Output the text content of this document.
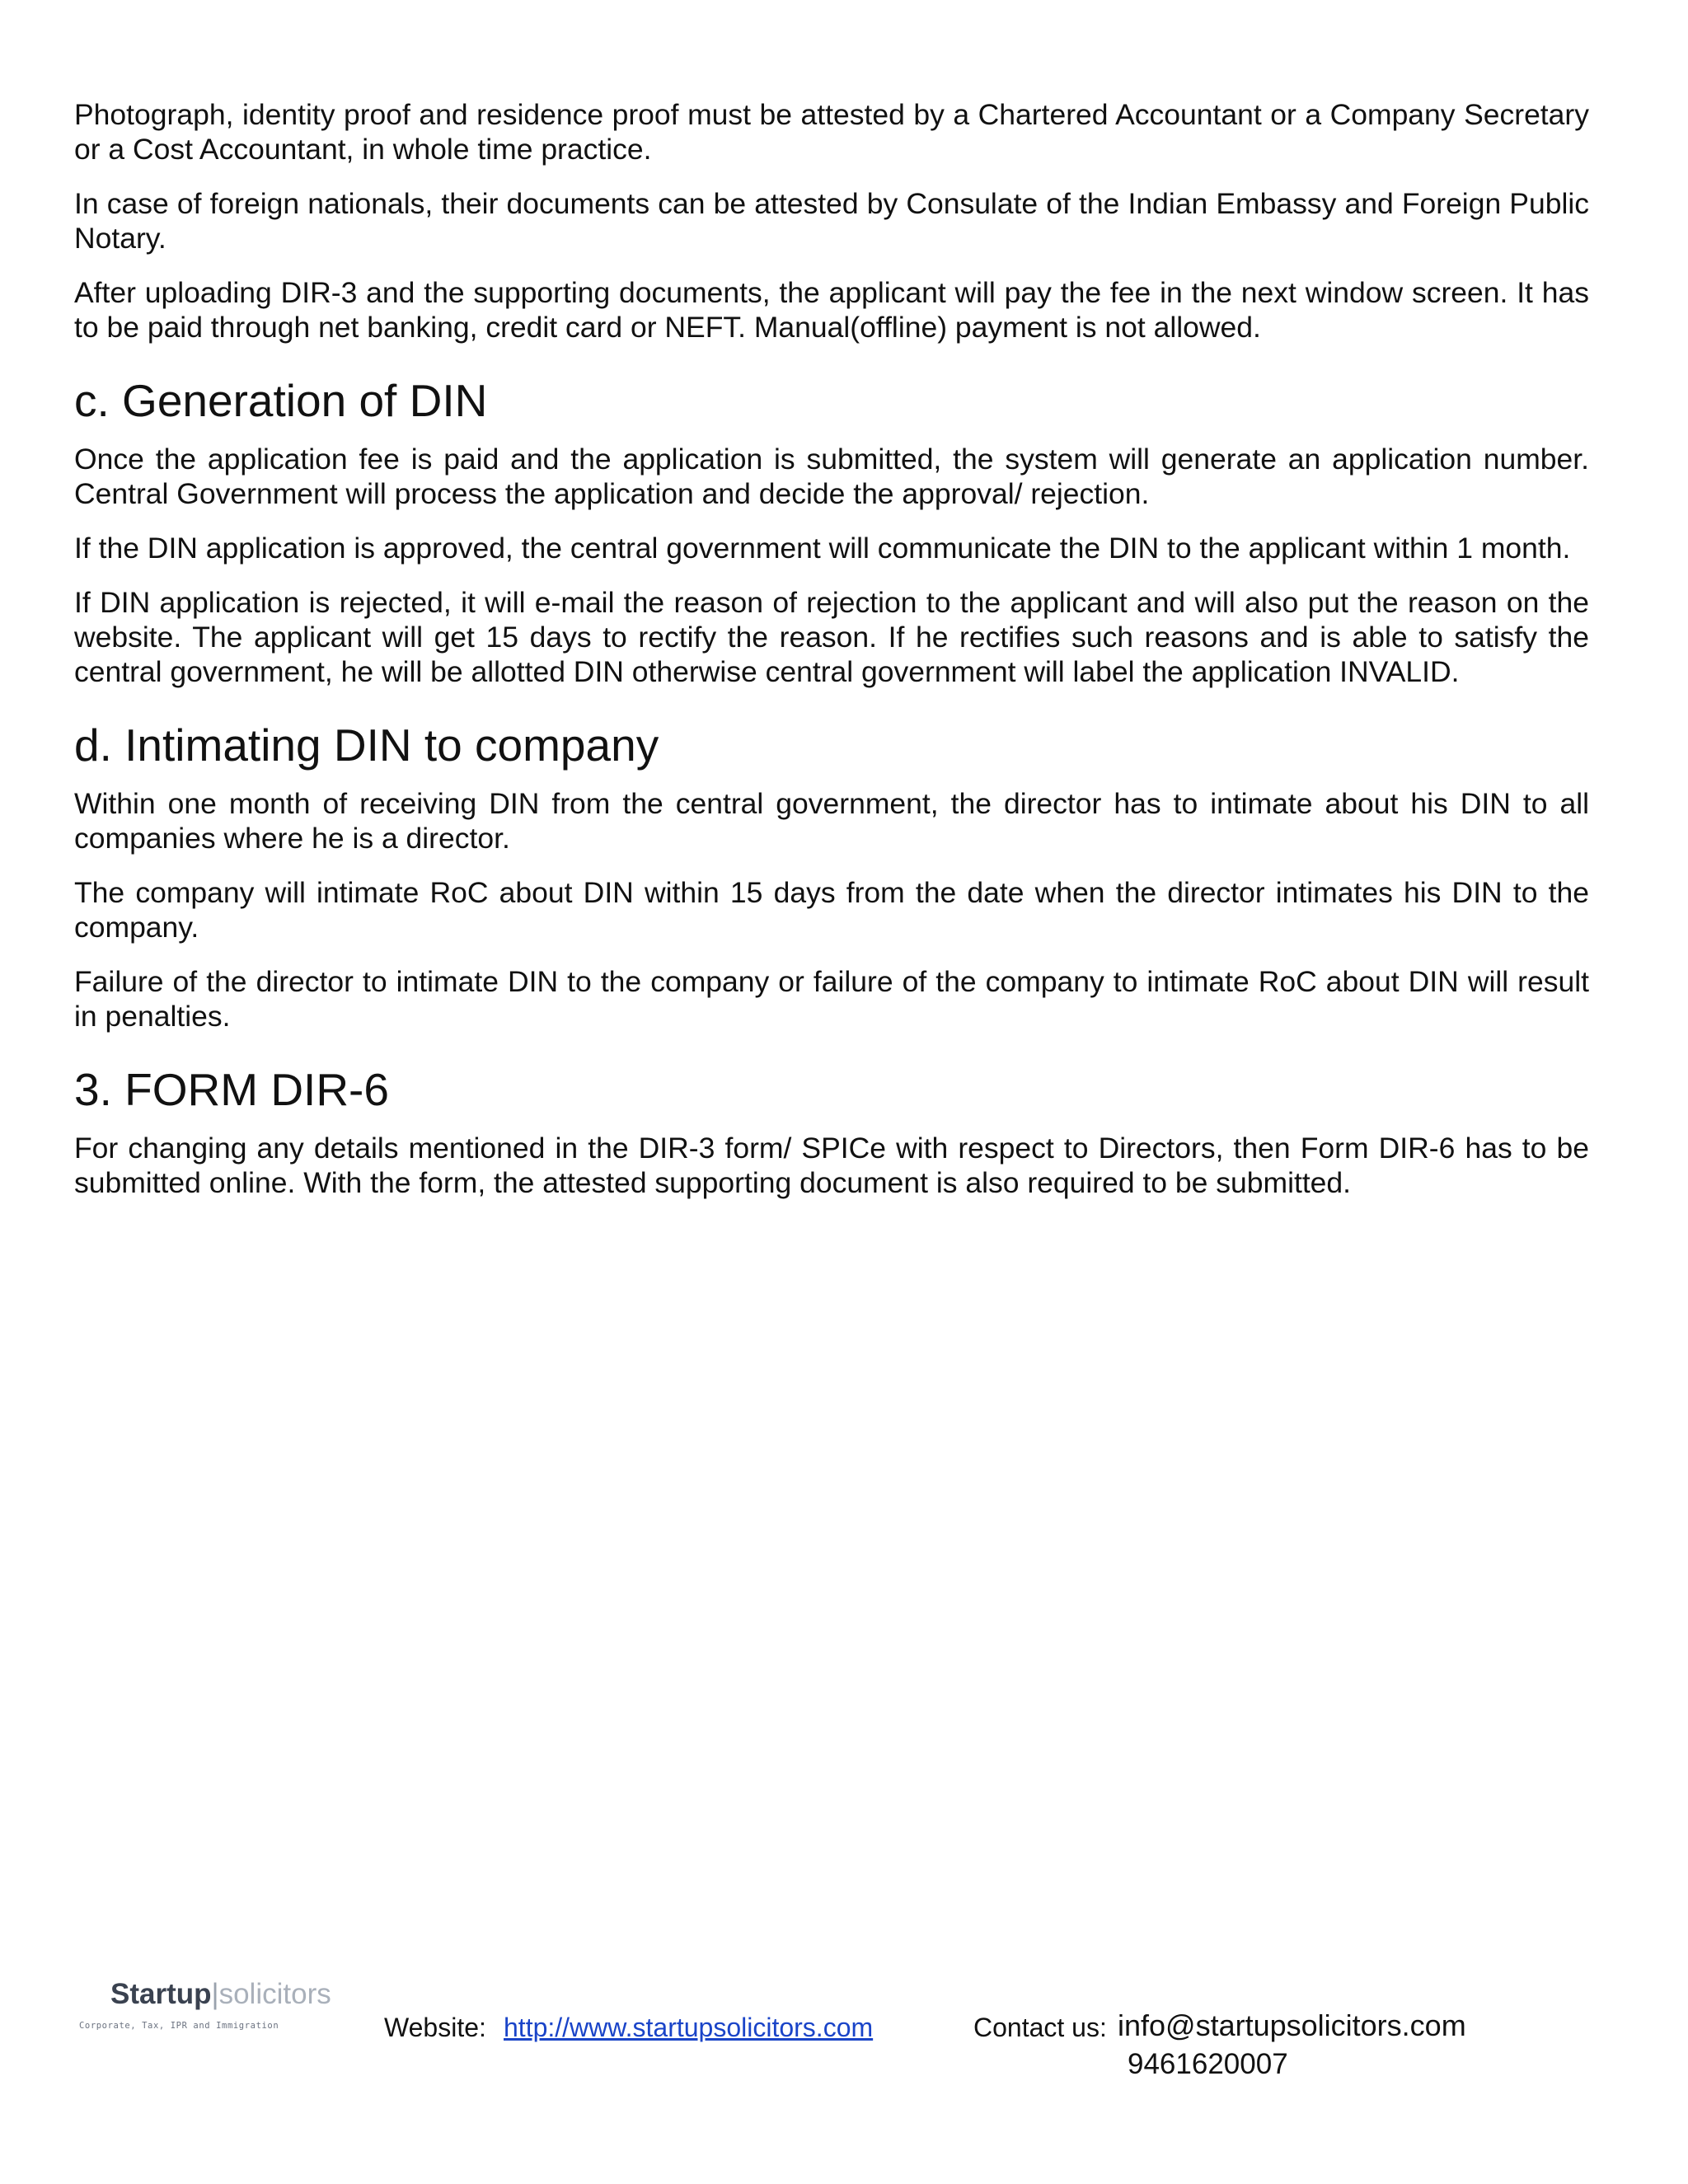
Photograph, identity proof and residence proof must be attested by a Chartered Accountant or a Company Secretary or a Cost Accountant, in whole time practice.

In case of foreign nationals, their documents can be attested by Consulate of the Indian Embassy and Foreign Public Notary.

After uploading DIR-3 and the supporting documents, the applicant will pay the fee in the next window screen. It has to be paid through net banking, credit card or NEFT. Manual(offline) payment is not allowed.

c. Generation of DIN

Once the application fee is paid and the application is submitted, the system will generate an application number. Central Government will process the application and decide the approval/ rejection.

If the DIN application is approved, the central government will communicate the DIN to the applicant within 1 month.

If DIN application is rejected, it will e-mail the reason of rejection to the applicant and will also put the reason on the website. The applicant will get 15 days to rectify the reason. If he rectifies such reasons and is able to satisfy the central government, he will be allotted DIN otherwise central government will label the application INVALID.

d. Intimating DIN to company

Within one month of receiving DIN from the central government, the director has to intimate about his DIN to all companies where he is a director.

The company will intimate RoC about DIN within 15 days from the date when the director intimates his DIN to the company.

Failure of the director to intimate DIN to the company or failure of the company to intimate RoC about DIN will result in penalties.

3. FORM DIR-6

For changing any details mentioned in the DIR-3 form/ SPICe with respect to Directors, then Form DIR-6 has to be submitted online. With the form, the attested supporting document is also required to be submitted.

Startup|solicitors
Corporate, Tax, IPR and Immigration	Website: http://www.startupsolicitors.com	Contact us: info@startupsolicitors.com
9461620007
